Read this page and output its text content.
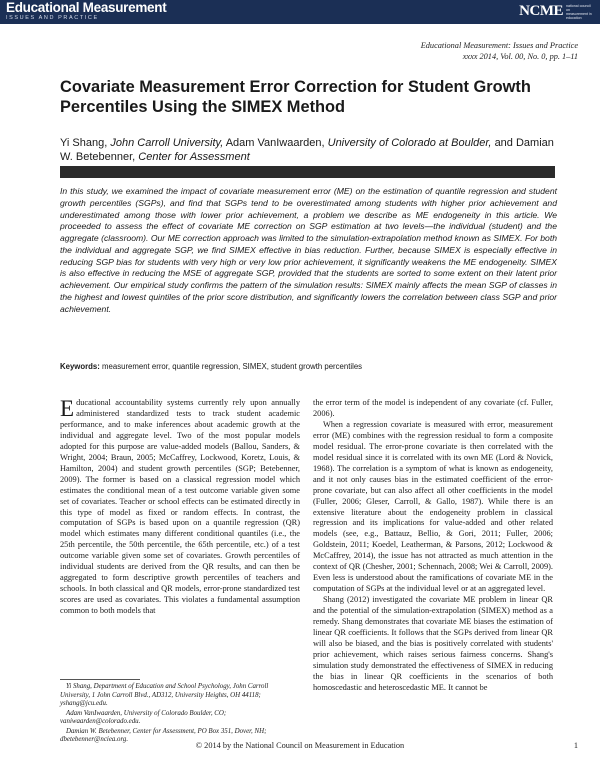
Educational Measurement
ISSUES AND PRACTICE	NCME national council on measurement in education
Educational Measurement: Issues and Practice
xxxx 2014, Vol. 00, No. 0, pp. 1–11
Covariate Measurement Error Correction for Student Growth Percentiles Using the SIMEX Method
Yi Shang, John Carroll University, Adam VanIwaarden, University of Colorado at Boulder, and Damian W. Betebenner, Center for Assessment

In this study, we examined the impact of covariate measurement error (ME) on the estimation of quantile regression and student growth percentiles (SGPs), and find that SGPs tend to be overestimated among students with higher prior achievement and underestimated among those with lower prior achievement, a problem we describe as ME endogeneity in this article. We proceeded to assess the effect of covariate ME correction on SGP estimation at two levels—the individual (student) and the aggregate (classroom). Our ME correction approach was limited to the simulation-extrapolation method known as SIMEX. For both the individual and aggregate SGP, we find SIMEX effective in bias reduction. Further, because SIMEX is especially effective in reducing SGP bias for students with very high or very low prior achievement, it significantly weakens the ME endogeneity. SIMEX is also effective in reducing the MSE of aggregate SGP, provided that the students are sorted to some extent on their latent prior achievement. Our empirical study confirms the pattern of the simulation results: SIMEX mainly affects the mean SGP of classes in the highest and lowest quintiles of the prior score distribution, and significantly lowers the correlation between class SGP and prior achievement.

Keywords: measurement error, quantile regression, SIMEX, student growth percentiles

Educational accountability systems currently rely upon annually administered standardized tests to track student academic performance, and to make inferences about academic growth at the individual and aggregate level. Two of the most popular models adopted for this purpose are value-added models (Ballou, Sanders, & Wright, 2004; Braun, 2005; McCaffrey, Lockwood, Koretz, Louis, & Hamilton, 2004) and student growth percentiles (SGP; Betebenner, 2009). The former is based on a classical regression model which estimates the conditional mean of a test outcome variable given some set of covariates. Teacher or school effects can be estimated directly in this type of model as fixed or random effects. In contrast, the computation of SGPs is based upon on a quantile regression (QR) model which estimates many different conditional quantiles (i.e., the 25th percentile, the 50th percentile, the 65th percentile, etc.) of a test outcome variable given some set of covariates. Growth percentiles of individual students are derived from the QR results, and can then be aggregated to form descriptive growth percentiles of teachers and schools. In both classical and QR models, error-prone standardized test scores are used as covariates. This violates a fundamental assumption common to both models that

the error term of the model is independent of any covariate (cf. Fuller, 2006).

When a regression covariate is measured with error, measurement error (ME) combines with the regression residual to form a composite model residual. The error-prone covariate is then correlated with the model residual since it is correlated with its own ME (Lord & Novick, 1968). The correlation is a symptom of what is known as endogeneity, and it not only causes bias in the estimated coefficient of the error-prone covariate, but can also affect all other coefficients in the model (Fuller, 2006; Gleser, Carroll, & Gallo, 1987). While there is an extensive literature about the endogeneity problem in classical regression and its implications for value-added and other related models (see, e.g., Battauz, Bellio, & Gori, 2011; Fuller, 2006; Goldstein, 2011; Koedel, Leatherman, & Parsons, 2012; Lockwood & McCaffrey, 2014), the issue has not attracted as much attention in the context of QR (Chesher, 2001; Schennach, 2008; Wei & Carroll, 2009). Even less is understood about the ramifications of covariate ME in the computation of SGPs at the individual level or at an aggregated level.

Shang (2012) investigated the covariate ME problem in linear QR and the potential of the simulation-extrapolation (SIMEX) method as a remedy. Shang demonstrates that covariate ME biases the estimation of linear QR coefficients. It follows that the SGPs derived from linear QR will also be biased, and the bias is positively correlated with students' prior achievement, which raises serious fairness concerns. Shang's simulation study demonstrated the effectiveness of SIMEX in reducing the bias in linear QR coefficients in the scenarios of both homoscedastic and heteroscedastic ME. It cannot be

Yi Shang, Department of Education and School Psychology, John Carroll University, 1 John Carroll Blvd., AD312, University Heights, OH 44118; yshang@jcu.edu.

Adam VanIwaarden, University of Colorado Boulder, CO; vaniwaarden@colorado.edu.

Damian W. Betebenner, Center for Assessment, PO Box 351, Dover, NH; dbetebenner@nciea.org.

© 2014 by the National Council on Measurement in Education	1
